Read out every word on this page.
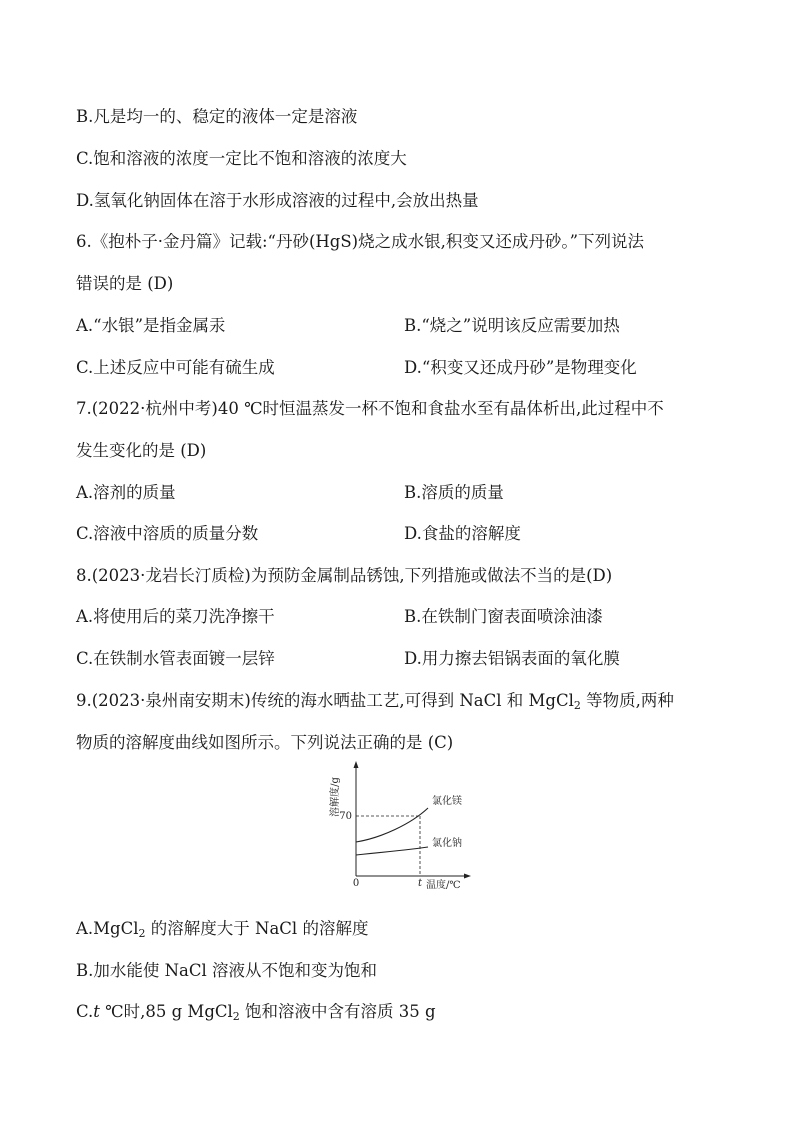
B.凡是均一的、稳定的液体一定是溶液
C.饱和溶液的浓度一定比不饱和溶液的浓度大
D.氢氧化钠固体在溶于水形成溶液的过程中,会放出热量
6.《抱朴子·金丹篇》记载:“丹砂(HgS)烧之成水银,积变又还成丹砂。”下列说法
错误的是 (D)
A.“水银”是指金属汞	B.“烧之”说明该反应需要加热
C.上述反应中可能有硫生成	D.“积变又还成丹砂”是物理变化
7.(2022·杭州中考)40 ℃时恒温蒸发一杯不饱和食盐水至有晶体析出,此过程中不
发生变化的是 (D)
A.溶剂的质量	B.溶质的质量
C.溶液中溶质的质量分数	D.食盐的溶解度
8.(2023·龙岩长汀质检)为预防金属制品锈蚀,下列措施或做法不当的是(D)
A.将使用后的菜刀洗净擦干	B.在铁制门窗表面喷涂油漆
C.在铁制水管表面镀一层锌	D.用力擦去铝锅表面的氧化膜
9.(2023·泉州南安期末)传统的海水晒盐工艺,可得到 NaCl 和 MgCl$_2$ 等物质,两种
物质的溶解度曲线如图所示。下列说法正确的是 (C)
溶解度/g
70
0	t 温度/℃
氯化镁
氯化钠
A.MgCl$_2$ 的溶解度大于 NaCl 的溶解度
B.加水能使 NaCl 溶液从不饱和变为饱和
C.t ℃时,85 g MgCl$_2$ 饱和溶液中含有溶质 35 g
